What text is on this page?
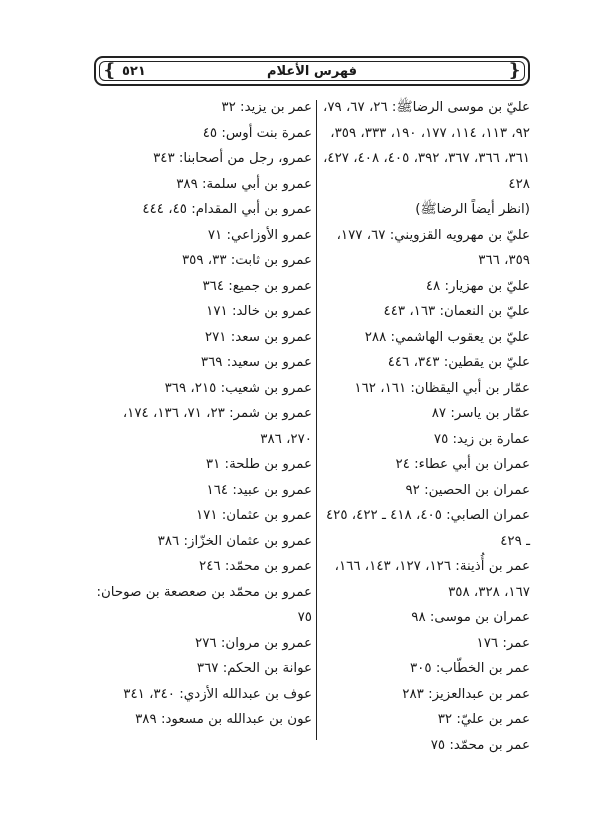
❴ ٥٢١	فهرس الأعلام	❵
عليّ بن موسى الرضاﷺ: ٢٦، ٦٧، ٧٩، ٩٢، ١١٣، ١١٤، ١٧٧، ١٩٠، ٣٣٣، ٣٥٩، ٣٦١، ٣٦٦، ٣٦٧، ٣٩٢، ٤٠٥، ٤٠٨، ٤٢٧، ٤٢٨
(انظر أيضاً الرضاﷺ)
عليّ بن مهرويه القزويني: ٦٧، ١٧٧، ٣٥٩، ٣٦٦
عليّ بن مهزيار: ٤٨
عليّ بن النعمان: ١٦٣، ٤٤٣
عليّ بن يعقوب الهاشمي: ٢٨٨
عليّ بن يقطين: ٣٤٣، ٤٤٦
عمّار بن أبي اليقظان: ١٦١، ١٦٢
عمّار بن ياسر: ٨٧
عمارة بن زيد: ٧٥
عمران بن أبي عطاء: ٢٤
عمران بن الحصين: ٩٢
عمران الصابي: ٤٠٥، ٤١٨ ـ ٤٢٢، ٤٢٥ ـ ٤٢٩
عمر بن أُذينة: ١٢٦، ١٢٧، ١٤٣، ١٦٦، ١٦٧، ٣٢٨، ٣٥٨
عمران بن موسى: ٩٨
عمر: ١٧٦
عمر بن الخطّاب: ٣٠٥
عمر بن عبدالعزيز: ٢٨٣
عمر بن عليّ: ٣٢
عمر بن محمّد: ٧٥
عمر بن يزيد: ٣٢
عمرة بنت أوس: ٤٥
عمرو، رجل من أصحابنا: ٣٤٣
عمرو بن أبي سلمة: ٣٨٩
عمرو بن أبي المقدام: ٤٥، ٤٤٤
عمرو الأوزاعي: ٧١
عمرو بن ثابت: ٣٣، ٣٥٩
عمرو بن جميع: ٣٦٤
عمرو بن خالد: ١٧١
عمرو بن سعد: ٢٧١
عمرو بن سعيد: ٣٦٩
عمرو بن شعيب: ٢١٥، ٣٦٩
عمرو بن شمر: ٢٣، ٧١، ١٣٦، ١٧٤، ٢٧٠، ٣٨٦
عمرو بن طلحة: ٣١
عمرو بن عبيد: ١٦٤
عمرو بن عثمان: ١٧١
عمرو بن عثمان الخزّاز: ٣٨٦
عمرو بن محمّد: ٢٤٦
عمرو بن محمّد بن صعصعة بن صوحان: ٧٥
عمرو بن مروان: ٢٧٦
عوانة بن الحكم: ٣٦٧
عوف بن عبدالله الأزدي: ٣٤٠، ٣٤١
عون بن عبدالله بن مسعود: ٣٨٩
